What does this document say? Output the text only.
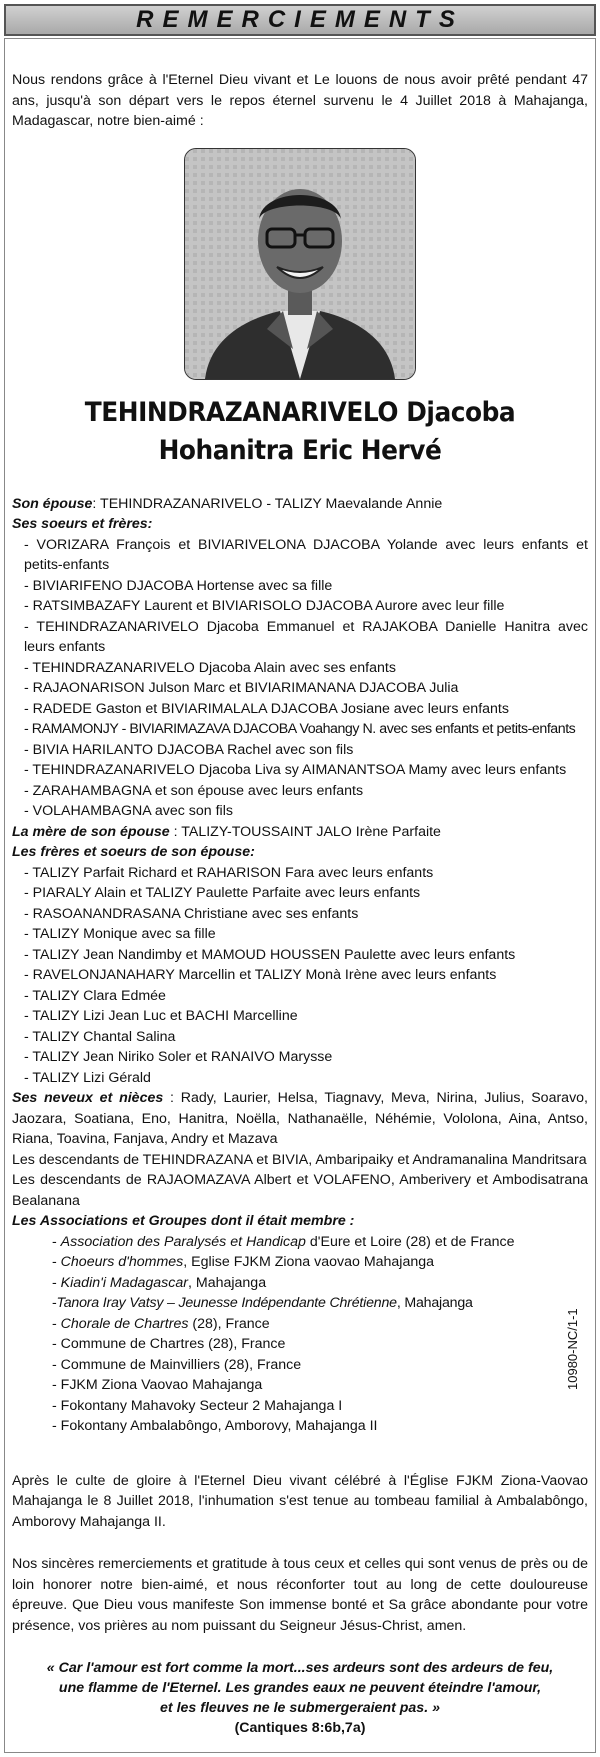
REMERCIEMENTS

Nous rendons grâce à l'Eternel Dieu vivant et Le louons de nous avoir prêté pendant 47 ans, jusqu'à son départ vers le repos éternel survenu le 4 Juillet 2018 à Mahajanga, Madagascar, notre bien-aimé :

TEHINDRAZANARIVELO Djacoba
Hohanitra Eric Hervé

Son épouse: TEHINDRAZANARIVELO - TALIZY Maevalande Annie

Ses soeurs et frères:

- VORIZARA François et BIVIARIVELONA DJACOBA Yolande avec leurs enfants et petits-enfants

- BIVIARIFENO DJACOBA Hortense avec sa fille

- RATSIMBAZAFY Laurent et BIVIARISOLO DJACOBA Aurore avec leur fille

- TEHINDRAZANARIVELO Djacoba Emmanuel et RAJAKOBA Danielle Hanitra avec leurs enfants

- TEHINDRAZANARIVELO Djacoba Alain avec ses enfants

- RAJAONARISON Julson Marc et BIVIARIMANANA DJACOBA Julia

- RADEDE Gaston et BIVIARIMALALA DJACOBA Josiane avec leurs enfants

- RAMAMONJY - BIVIARIMAZAVA DJACOBA Voahangy N. avec ses enfants et petits-enfants

- BIVIA HARILANTO DJACOBA Rachel avec son fils

- TEHINDRAZANARIVELO Djacoba Liva sy AIMANANTSOA Mamy avec leurs enfants

- ZARAHAMBAGNA et son épouse avec leurs enfants

- VOLAHAMBAGNA avec son fils

La mère de son épouse : TALIZY-TOUSSAINT JALO Irène Parfaite

Les frères et soeurs de son épouse:

- TALIZY Parfait Richard et RAHARISON Fara avec leurs enfants

- PIARALY Alain et TALIZY Paulette Parfaite avec leurs enfants

- RASOANANDRASANA Christiane avec ses enfants

- TALIZY Monique avec sa fille

- TALIZY Jean Nandimby et MAMOUD HOUSSEN Paulette avec leurs enfants

- RAVELONJANAHARY Marcellin et TALIZY Monà Irène avec leurs enfants

- TALIZY Clara Edmée

- TALIZY Lizi Jean Luc et BACHI Marcelline

- TALIZY Chantal Salina

- TALIZY Jean Niriko Soler et RANAIVO Marysse

- TALIZY Lizi Gérald

Ses neveux et nièces : Rady, Laurier, Helsa, Tiagnavy, Meva, Nirina, Julius, Soaravo, Jaozara, Soatiana, Eno, Hanitra, Noëlla, Nathanaëlle, Néhémie, Vololona, Aina, Antso, Riana, Toavina, Fanjava, Andry et Mazava

Les descendants de TEHINDRAZANA et BIVIA, Ambaripaiky et Andramanalina Mandritsara

Les descendants de RAJAOMAZAVA Albert et VOLAFENO, Amberivery et Ambodisatrana Bealanana

Les Associations et Groupes dont il était membre :

- Association des Paralysés et Handicap d'Eure et Loire (28) et de France

- Choeurs d'hommes, Eglise FJKM Ziona vaovao Mahajanga

- Kiadin'i Madagascar, Mahajanga

-Tanora Iray Vatsy – Jeunesse Indépendante Chrétienne, Mahajanga

- Chorale de Chartres (28), France

- Commune de Chartres (28), France

- Commune de Mainvilliers (28), France

- FJKM Ziona Vaovao Mahajanga

- Fokontany Mahavoky Secteur 2 Mahajanga I

- Fokontany Ambalabôngo, Amborovy, Mahajanga II

Après le culte de gloire à l'Eternel Dieu vivant célébré à l'Église FJKM Ziona-Vaovao Mahajanga le 8 Juillet 2018, l'inhumation s'est tenue au tombeau familial à Ambalabôngo, Amborovy Mahajanga II.

Nos sincères remerciements et gratitude à tous ceux et celles qui sont venus de près ou de loin honorer notre bien-aimé, et nous réconforter tout au long de cette douloureuse épreuve. Que Dieu vous manifeste Son immense bonté et Sa grâce abondante pour votre présence, vos prières au nom puissant du Seigneur Jésus-Christ, amen.

« Car l'amour est fort comme la mort...ses ardeurs sont des ardeurs de feu,
une flamme de l'Eternel. Les grandes eaux ne peuvent éteindre l'amour,
et les fleuves ne le submergeraient pas. »
(Cantiques 8:6b,7a)
10980-NC/1-1
